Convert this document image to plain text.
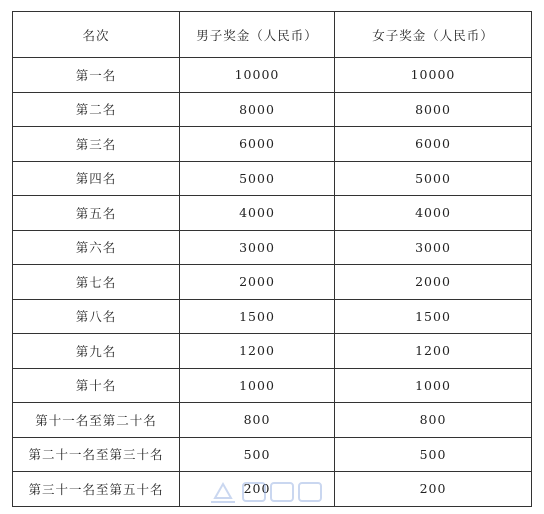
名次	男子奖金（人民币）	女子奖金（人民币）
第一名	10000	10000
第二名	8000	8000
第三名	6000	6000
第四名	5000	5000
第五名	4000	4000
第六名	3000	3000
第七名	2000	2000
第八名	1500	1500
第九名	1200	1200
第十名	1000	1000
第十一名至第二十名	800	800
第二十一名至第三十名	500	500
第三十一名至第五十名	200	200
